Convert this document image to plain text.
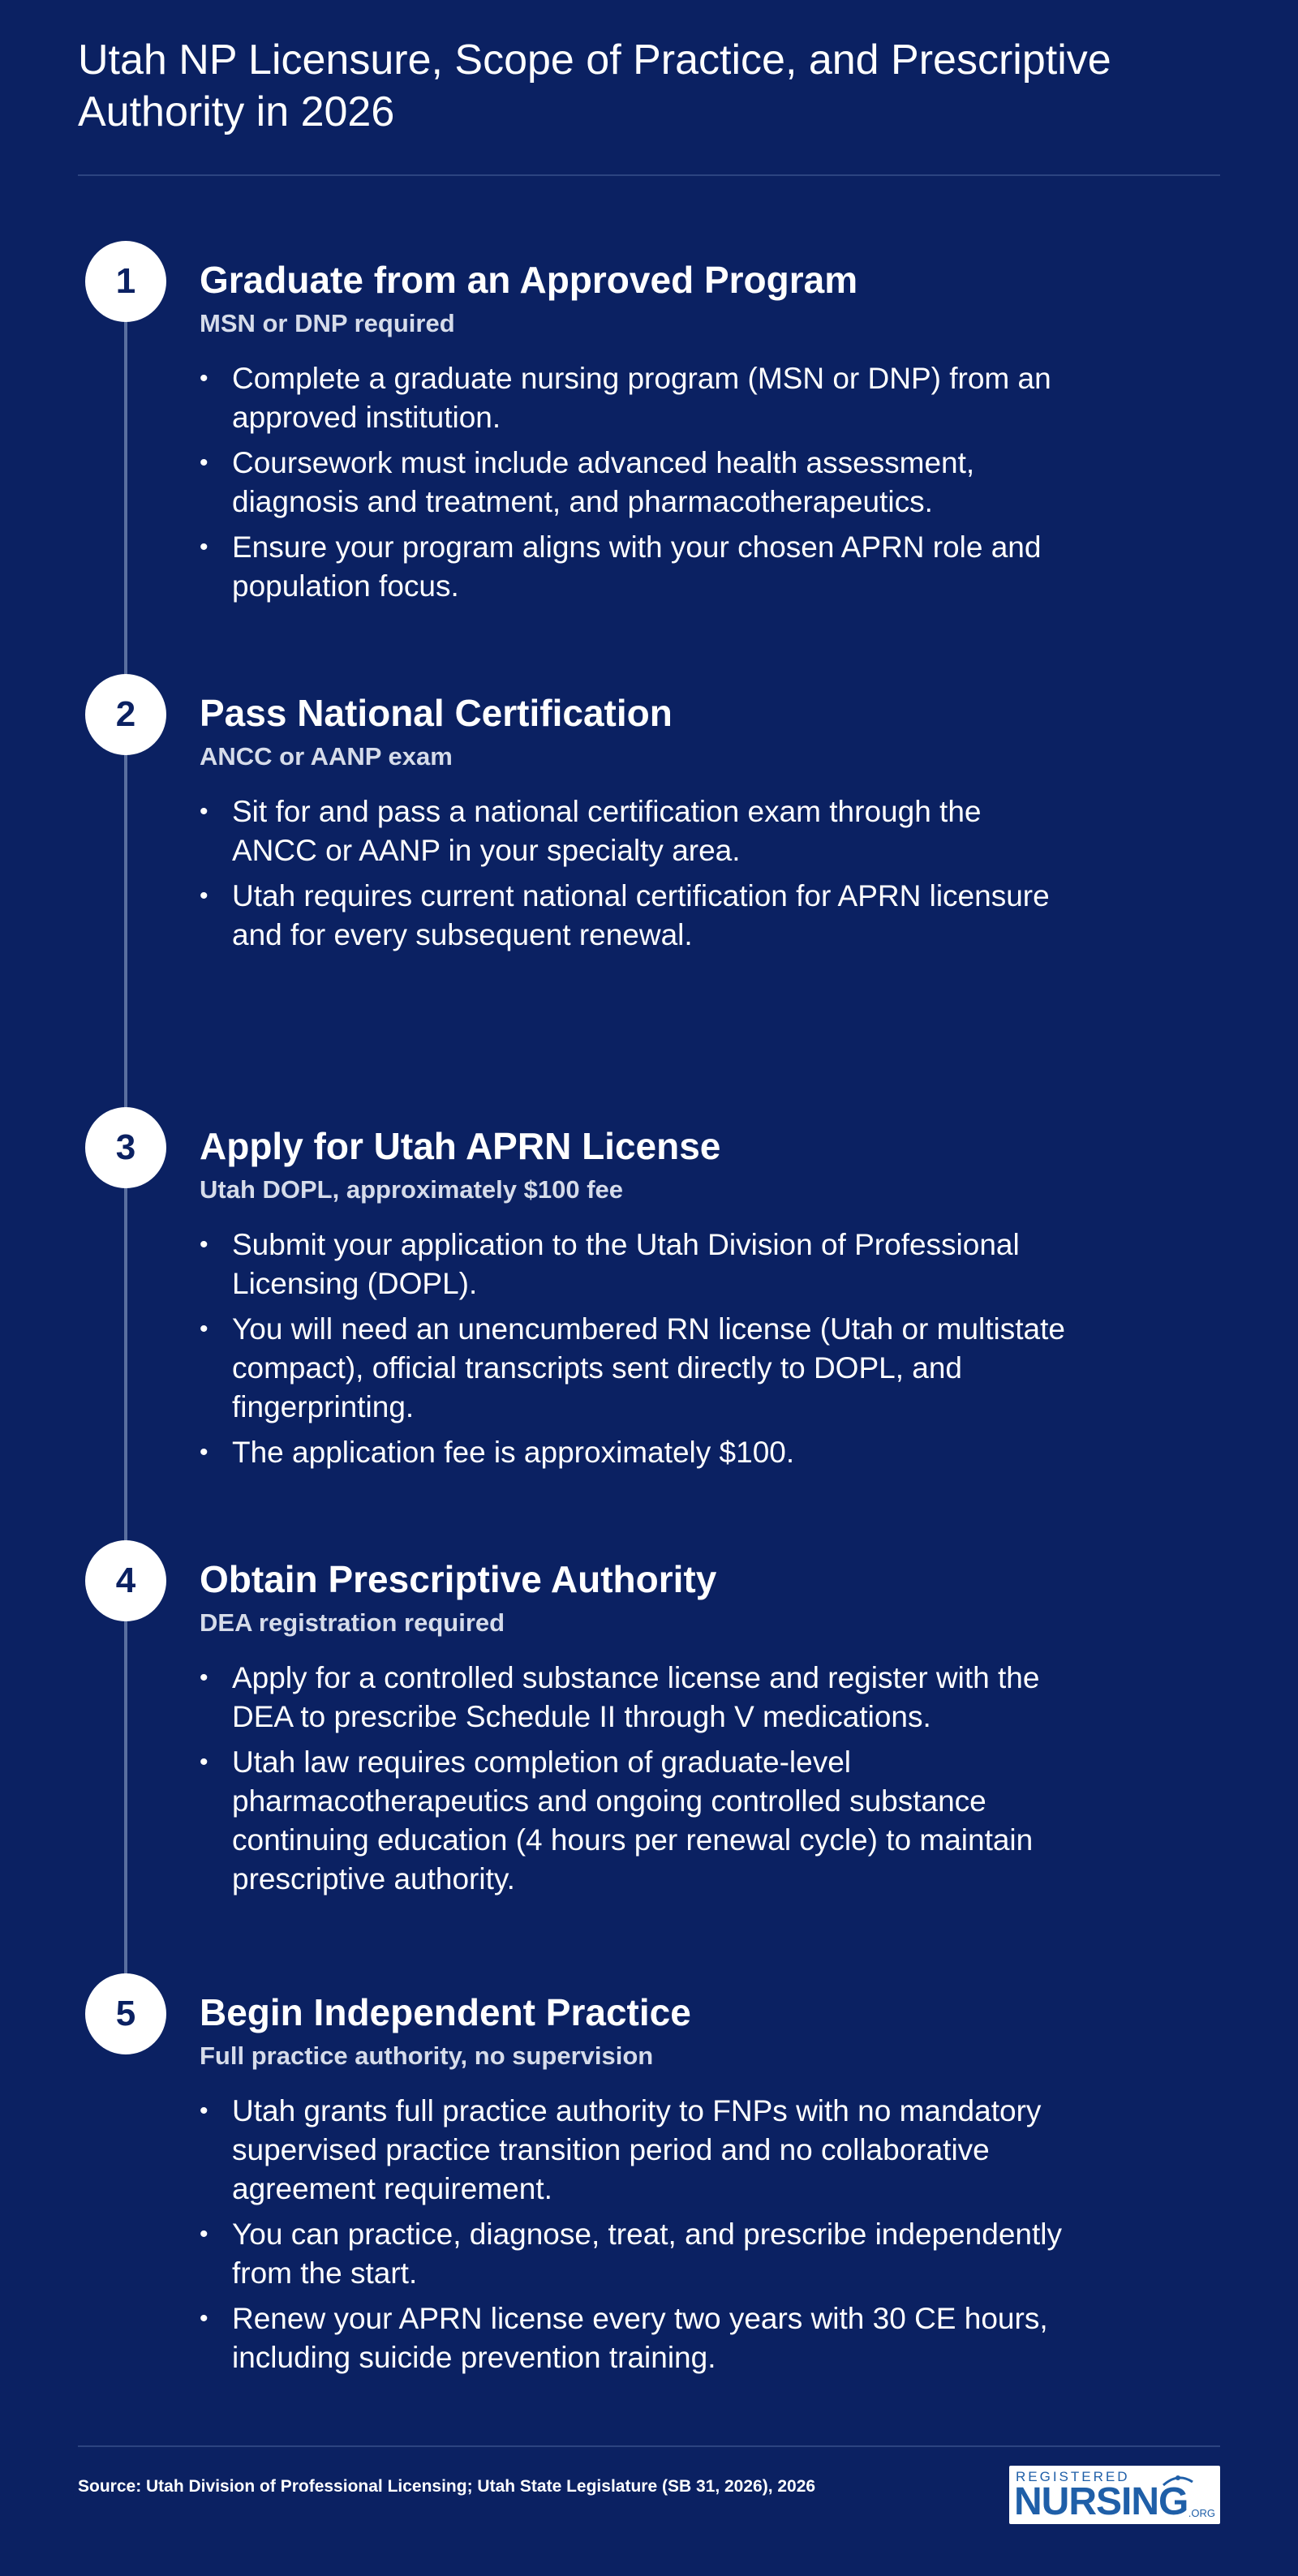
Utah NP Licensure, Scope of Practice, and Prescriptive Authority in 2026
1	Graduate from an Approved Program
MSN or DNP required
• Complete a graduate nursing program (MSN or DNP) from an approved institution.
• Coursework must include advanced health assessment, diagnosis and treatment, and pharmacotherapeutics.
• Ensure your program aligns with your chosen APRN role and population focus.
2	Pass National Certification
ANCC or AANP exam
• Sit for and pass a national certification exam through the ANCC or AANP in your specialty area.
• Utah requires current national certification for APRN licensure and for every subsequent renewal.
3	Apply for Utah APRN License
Utah DOPL, approximately $100 fee
• Submit your application to the Utah Division of Professional Licensing (DOPL).
• You will need an unencumbered RN license (Utah or multistate compact), official transcripts sent directly to DOPL, and fingerprinting.
• The application fee is approximately $100.
4	Obtain Prescriptive Authority
DEA registration required
• Apply for a controlled substance license and register with the DEA to prescribe Schedule II through V medications.
• Utah law requires completion of graduate-level pharmacotherapeutics and ongoing controlled substance continuing education (4 hours per renewal cycle) to maintain prescriptive authority.
5	Begin Independent Practice
Full practice authority, no supervision
• Utah grants full practice authority to FNPs with no mandatory supervised practice transition period and no collaborative agreement requirement.
• You can practice, diagnose, treat, and prescribe independently from the start.
• Renew your APRN license every two years with 30 CE hours, including suicide prevention training.
Source: Utah Division of Professional Licensing; Utah State Legislature (SB 31, 2026), 2026
REGISTERED
NURSING .ORG
